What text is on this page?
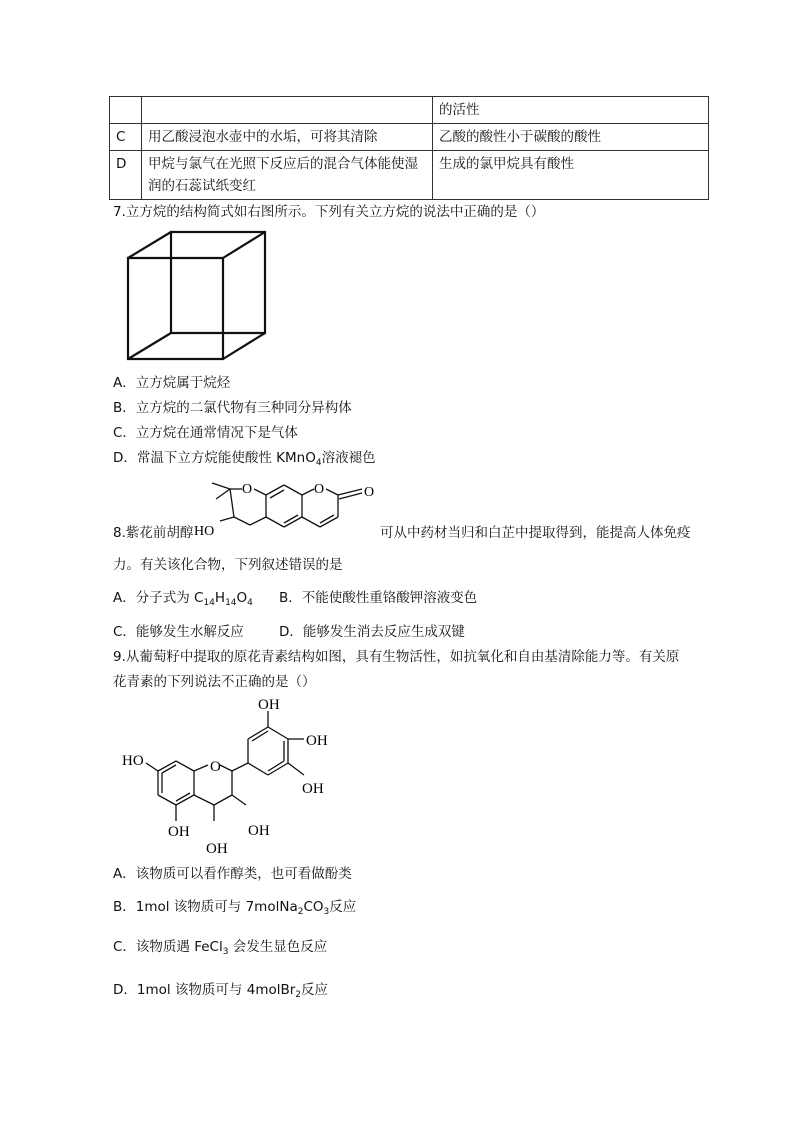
		的活性
C	用乙酸浸泡水壶中的水垢，可将其清除	乙酸的酸性小于碳酸的酸性
D	甲烷与氯气在光照下反应后的混合气体能使湿润的石蕊试纸变红	生成的氯甲烷具有酸性
7.立方烷的结构简式如右图所示。下列有关立方烷的说法中正确的是（）
A．立方烷属于烷烃
B．立方烷的二氯代物有三种同分异构体
C．立方烷在通常情况下是气体
D．常温下立方烷能使酸性 KMnO$_4$溶液褪色
O	O	O
HO
8.紫花前胡醇	可从中药材当归和白芷中提取得到，能提高人体免疫
力。有关该化合物，下列叙述错误的是
A．分子式为 $C_{14}H_{14}O_4$ B．不能使酸性重铬酸钾溶液变色
C．能够发生水解反应	D．能够发生消去反应生成双键
9.从葡萄籽中提取的原花青素结构如图，具有生物活性，如抗氧化和自由基清除能力等。有关原
花青素的下列说法不正确的是（）
OH
OH
OH
HO	O
OH
OH
OH
A．该物质可以看作醇类，也可看做酚类
B．1mol 该物质可与 $7molNa_2CO_3$反应
C．该物质遇 FeCl$_3$ 会发生显色反应
D．1mol 该物质可与 4molBr$_2$反应
